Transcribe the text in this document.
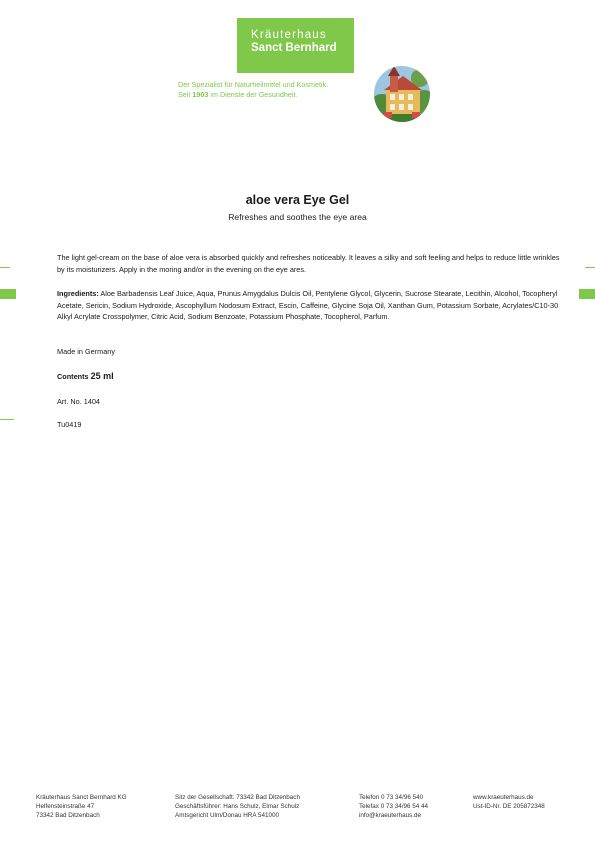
Kräuterhaus
Sanct Bernhard
Der Spezialist für Naturheilmittel und Kosmetik.
Seit 1903 im Dienste der Gesundheit.
aloe vera Eye Gel
Refreshes and soothes the eye area

The light gel-cream on the base of aloe vera is absorbed quickly and refreshes noticeably. It leaves a silky and soft feeling and helps to reduce little wrinkles by its moisturizers. Apply in the moring and/or in the evening on the eye ares.

Ingredients: Aloe Barbadensis Leaf Juice, Aqua, Prunus Amygdalus Dulcis Oil, Pentylene Glycol, Glycerin, Sucrose Stearate, Lecithin, Alcohol, Tocopheryl Acetate, Sericin, Sodium Hydroxide, Ascophyllum Nodosum Extract, Escin, Caffeine, Glycine Soja Oil, Xanthan Gum, Potassium Sorbate, Acrylates/C10-30 Alkyl Acrylate Crosspolymer, Citric Acid, Sodium Benzoate, Potassium Phosphate, Tocopherol, Parfum.

Made in Germany

Contents 25 ml

Art. No. 1404

Tu0419

Kräuterhaus Sanct Bernhard KG
Helfensteinstraße 47
73342 Bad Ditzenbach
Sitz der Gesellschaft: 73342 Bad Ditzenbach
Geschäftsführer: Hans Schulz, Elmar Schulz
Amtsgericht Ulm/Donau HRA 541000
Telefon 0 73 34/96 540
Telefax 0 73 34/96 54 44
info@kraeuterhaus.de
www.kraeuterhaus.de
Ust-ID-Nr. DE 205872348
